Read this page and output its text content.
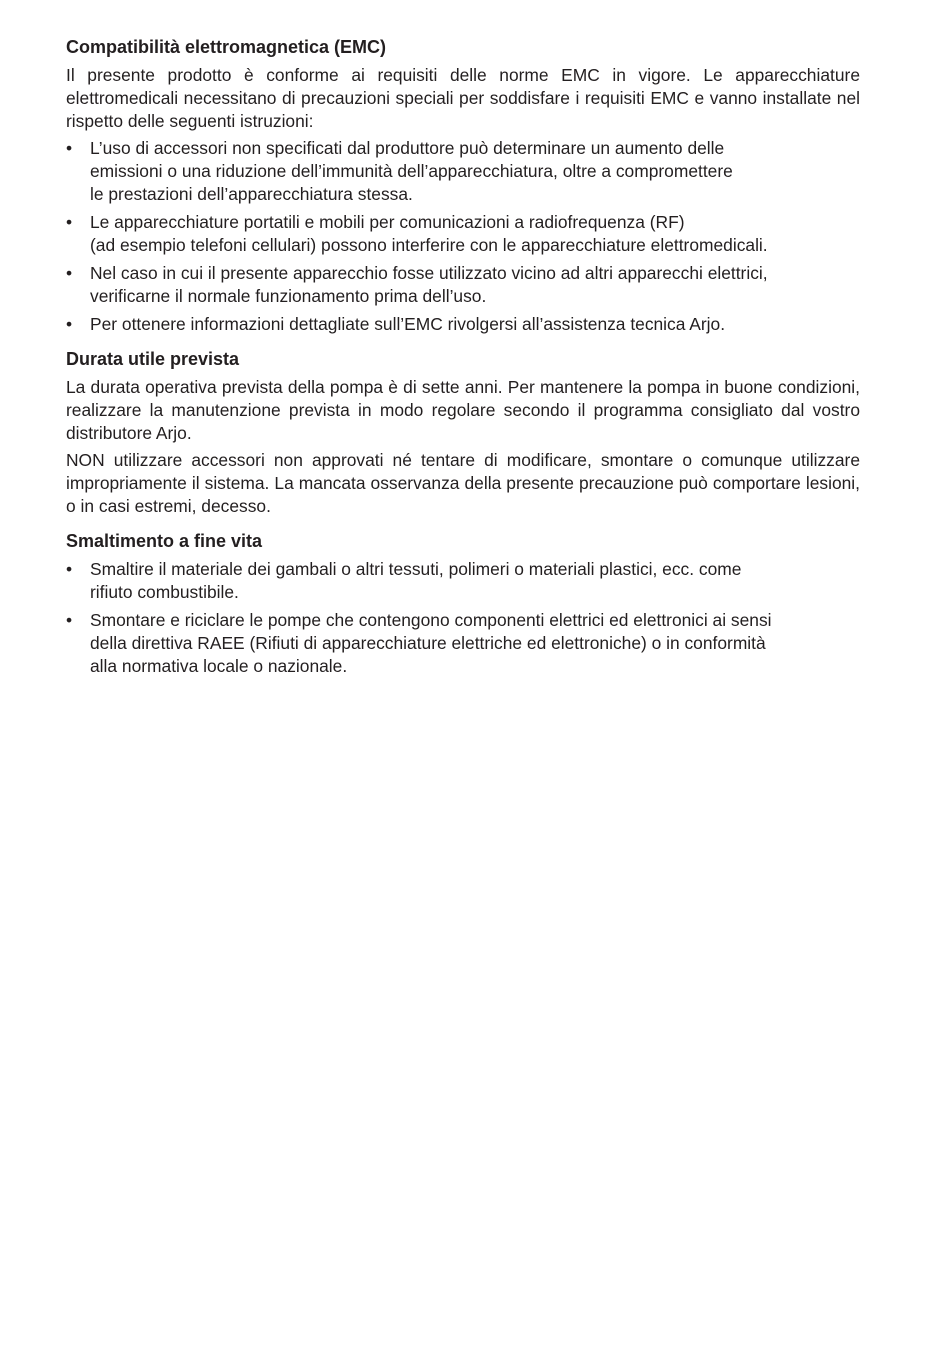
Compatibilità elettromagnetica (EMC)

Il presente prodotto è conforme ai requisiti delle norme EMC in vigore. Le apparecchiature elettromedicali necessitano di precauzioni speciali per soddisfare i requisiti EMC e vanno installate nel rispetto delle seguenti istruzioni:

• L’uso di accessori non specificati dal produttore può determinare un aumento delle
emissioni o una riduzione dell’immunità dell’apparecchiatura, oltre a compromettere
le prestazioni dell’apparecchiatura stessa.
• Le apparecchiature portatili e mobili per comunicazioni a radiofrequenza (RF)
(ad esempio telefoni cellulari) possono interferire con le apparecchiature elettromedicali.
• Nel caso in cui il presente apparecchio fosse utilizzato vicino ad altri apparecchi elettrici,
verificarne il normale funzionamento prima dell’uso.
• Per ottenere informazioni dettagliate sull’EMC rivolgersi all’assistenza tecnica Arjo.
Durata utile prevista

La durata operativa prevista della pompa è di sette anni. Per mantenere la pompa in buone condizioni, realizzare la manutenzione prevista in modo regolare secondo il programma consigliato dal vostro distributore Arjo.

NON utilizzare accessori non approvati né tentare di modificare, smontare o comunque utilizzare impropriamente il sistema. La mancata osservanza della presente precauzione può comportare lesioni, o in casi estremi, decesso.

Smaltimento a fine vita
• Smaltire il materiale dei gambali o altri tessuti, polimeri o materiali plastici, ecc. come
rifiuto combustibile.
• Smontare e riciclare le pompe che contengono componenti elettrici ed elettronici ai sensi
della direttiva RAEE (Rifiuti di apparecchiature elettriche ed elettroniche) o in conformità
alla normativa locale o nazionale.
